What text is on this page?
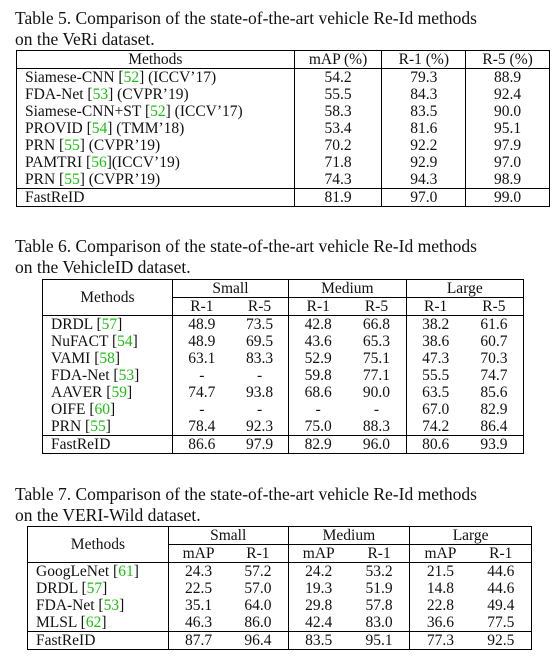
Table 5. Comparison of the state-of-the-art vehicle Re-Id methods
on the VeRi dataset.
Methods	mAP (%)	R-1 (%)	R-5 (%)
Siamese-CNN [52] (ICCV’17)	54.2	79.3	88.9
FDA-Net [53] (CVPR’19)	55.5	84.3	92.4
Siamese-CNN+ST [52] (ICCV’17)	58.3	83.5	90.0
PROVID [54] (TMM’18)	53.4	81.6	95.1
PRN [55] (CVPR’19)	70.2	92.2	97.9
PAMTRI [56](ICCV’19)	71.8	92.9	97.0
PRN [55] (CVPR’19)	74.3	94.3	98.9
FastReID	81.9	97.0	99.0
Table 6. Comparison of the state-of-the-art vehicle Re-Id methods
on the VehicleID dataset.
Methods	Small		Medium		Large	
	R-1	R-5	R-1	R-5	R-1	R-5
DRDL [57]	48.9	73.5	42.8	66.8	38.2	61.6
NuFACT [54]	48.9	69.5	43.6	65.3	38.6	60.7
VAMI [58]	63.1	83.3	52.9	75.1	47.3	70.3
FDA-Net [53]	-	-	59.8	77.1	55.5	74.7
AAVER [59]	74.7	93.8	68.6	90.0	63.5	85.6
OIFE [60]	-	-	-	-	67.0	82.9
PRN [55]	78.4	92.3	75.0	88.3	74.2	86.4
FastReID	86.6	97.9	82.9	96.0	80.6	93.9
Table 7. Comparison of the state-of-the-art vehicle Re-Id methods
on the VERI-Wild dataset.
Methods	Small		Medium		Large	
	mAP	R-1	mAP	R-1	mAP	R-1
GoogLeNet [61]	24.3	57.2	24.2	53.2	21.5	44.6
DRDL [57]	22.5	57.0	19.3	51.9	14.8	44.6
FDA-Net [53]	35.1	64.0	29.8	57.8	22.8	49.4
MLSL [62]	46.3	86.0	42.4	83.0	36.6	77.5
FastReID	87.7	96.4	83.5	95.1	77.3	92.5
